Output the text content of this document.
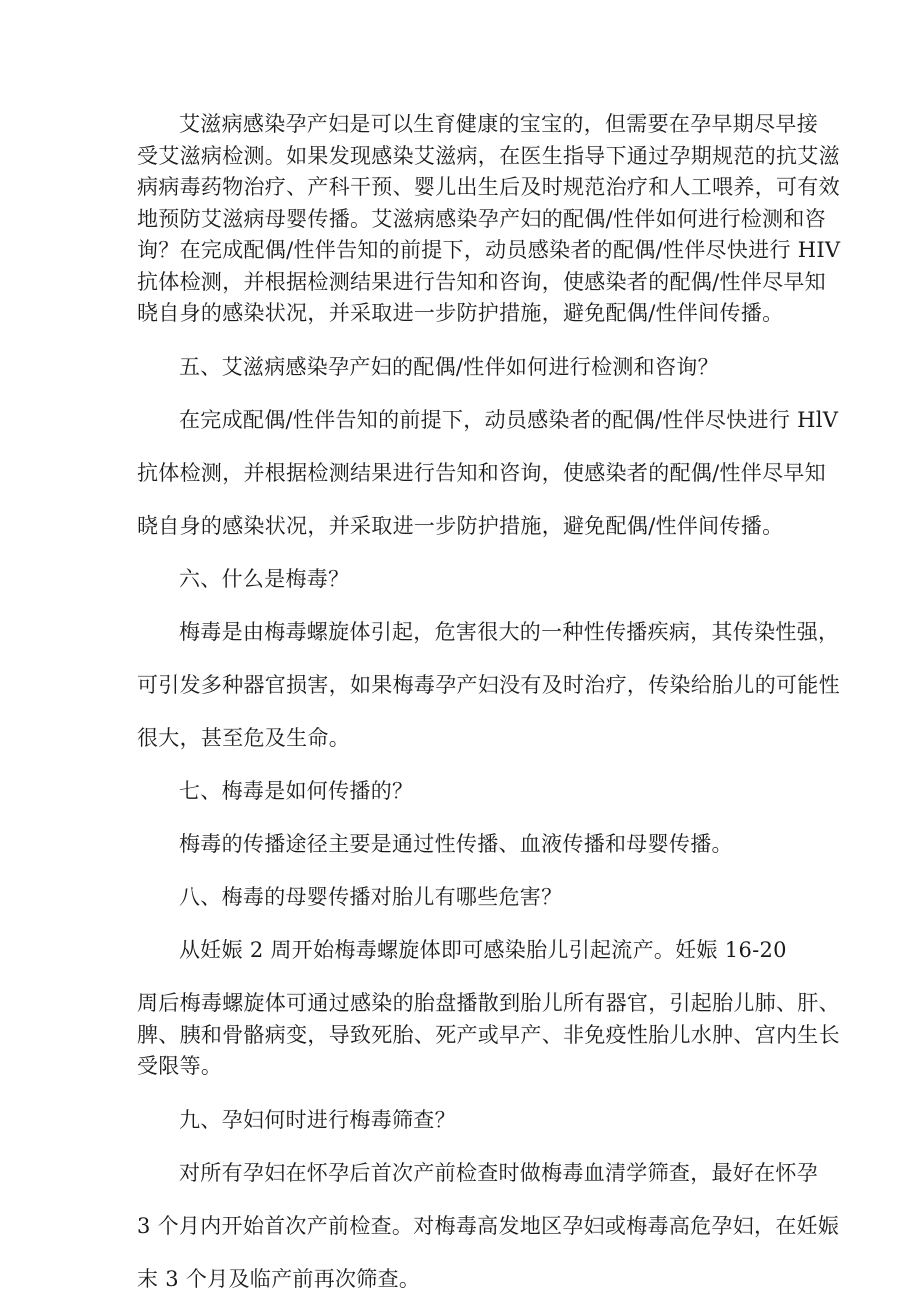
艾滋病感染孕产妇是可以生育健康的宝宝的，但需要在孕早期尽早接
受艾滋病检测。如果发现感染艾滋病，在医生指导下通过孕期规范的抗艾滋
病病毒药物治疗、产科干预、婴儿出生后及时规范治疗和人工喂养，可有效
地预防艾滋病母婴传播。艾滋病感染孕产妇的配偶/性伴如何进行检测和咨
询？在完成配偶/性伴告知的前提下，动员感染者的配偶/性伴尽快进行 HIV
抗体检测，并根据检测结果进行告知和咨询，使感染者的配偶/性伴尽早知
晓自身的感染状况，并采取进一步防护措施，避免配偶/性伴间传播。
五、艾滋病感染孕产妇的配偶/性伴如何进行检测和咨询？
在完成配偶/性伴告知的前提下，动员感染者的配偶/性伴尽快进行 HlV
抗体检测，并根据检测结果进行告知和咨询，使感染者的配偶/性伴尽早知
晓自身的感染状况，并采取进一步防护措施，避免配偶/性伴间传播。
六、什么是梅毒？
梅毒是由梅毒螺旋体引起，危害很大的一种性传播疾病，其传染性强，
可引发多种器官损害，如果梅毒孕产妇没有及时治疗，传染给胎儿的可能性
很大，甚至危及生命。
七、梅毒是如何传播的？
梅毒的传播途径主要是通过性传播、血液传播和母婴传播。
八、梅毒的母婴传播对胎儿有哪些危害？
从妊娠 2 周开始梅毒螺旋体即可感染胎儿引起流产。妊娠 16-20
周后梅毒螺旋体可通过感染的胎盘播散到胎儿所有器官，引起胎儿肺、肝、
脾、胰和骨骼病变，导致死胎、死产或早产、非免疫性胎儿水肿、宫内生长
受限等。
九、孕妇何时进行梅毒筛查？
对所有孕妇在怀孕后首次产前检查时做梅毒血清学筛查，最好在怀孕
3 个月内开始首次产前检查。对梅毒高发地区孕妇或梅毒高危孕妇，在妊娠
末 3 个月及临产前再次筛查。
